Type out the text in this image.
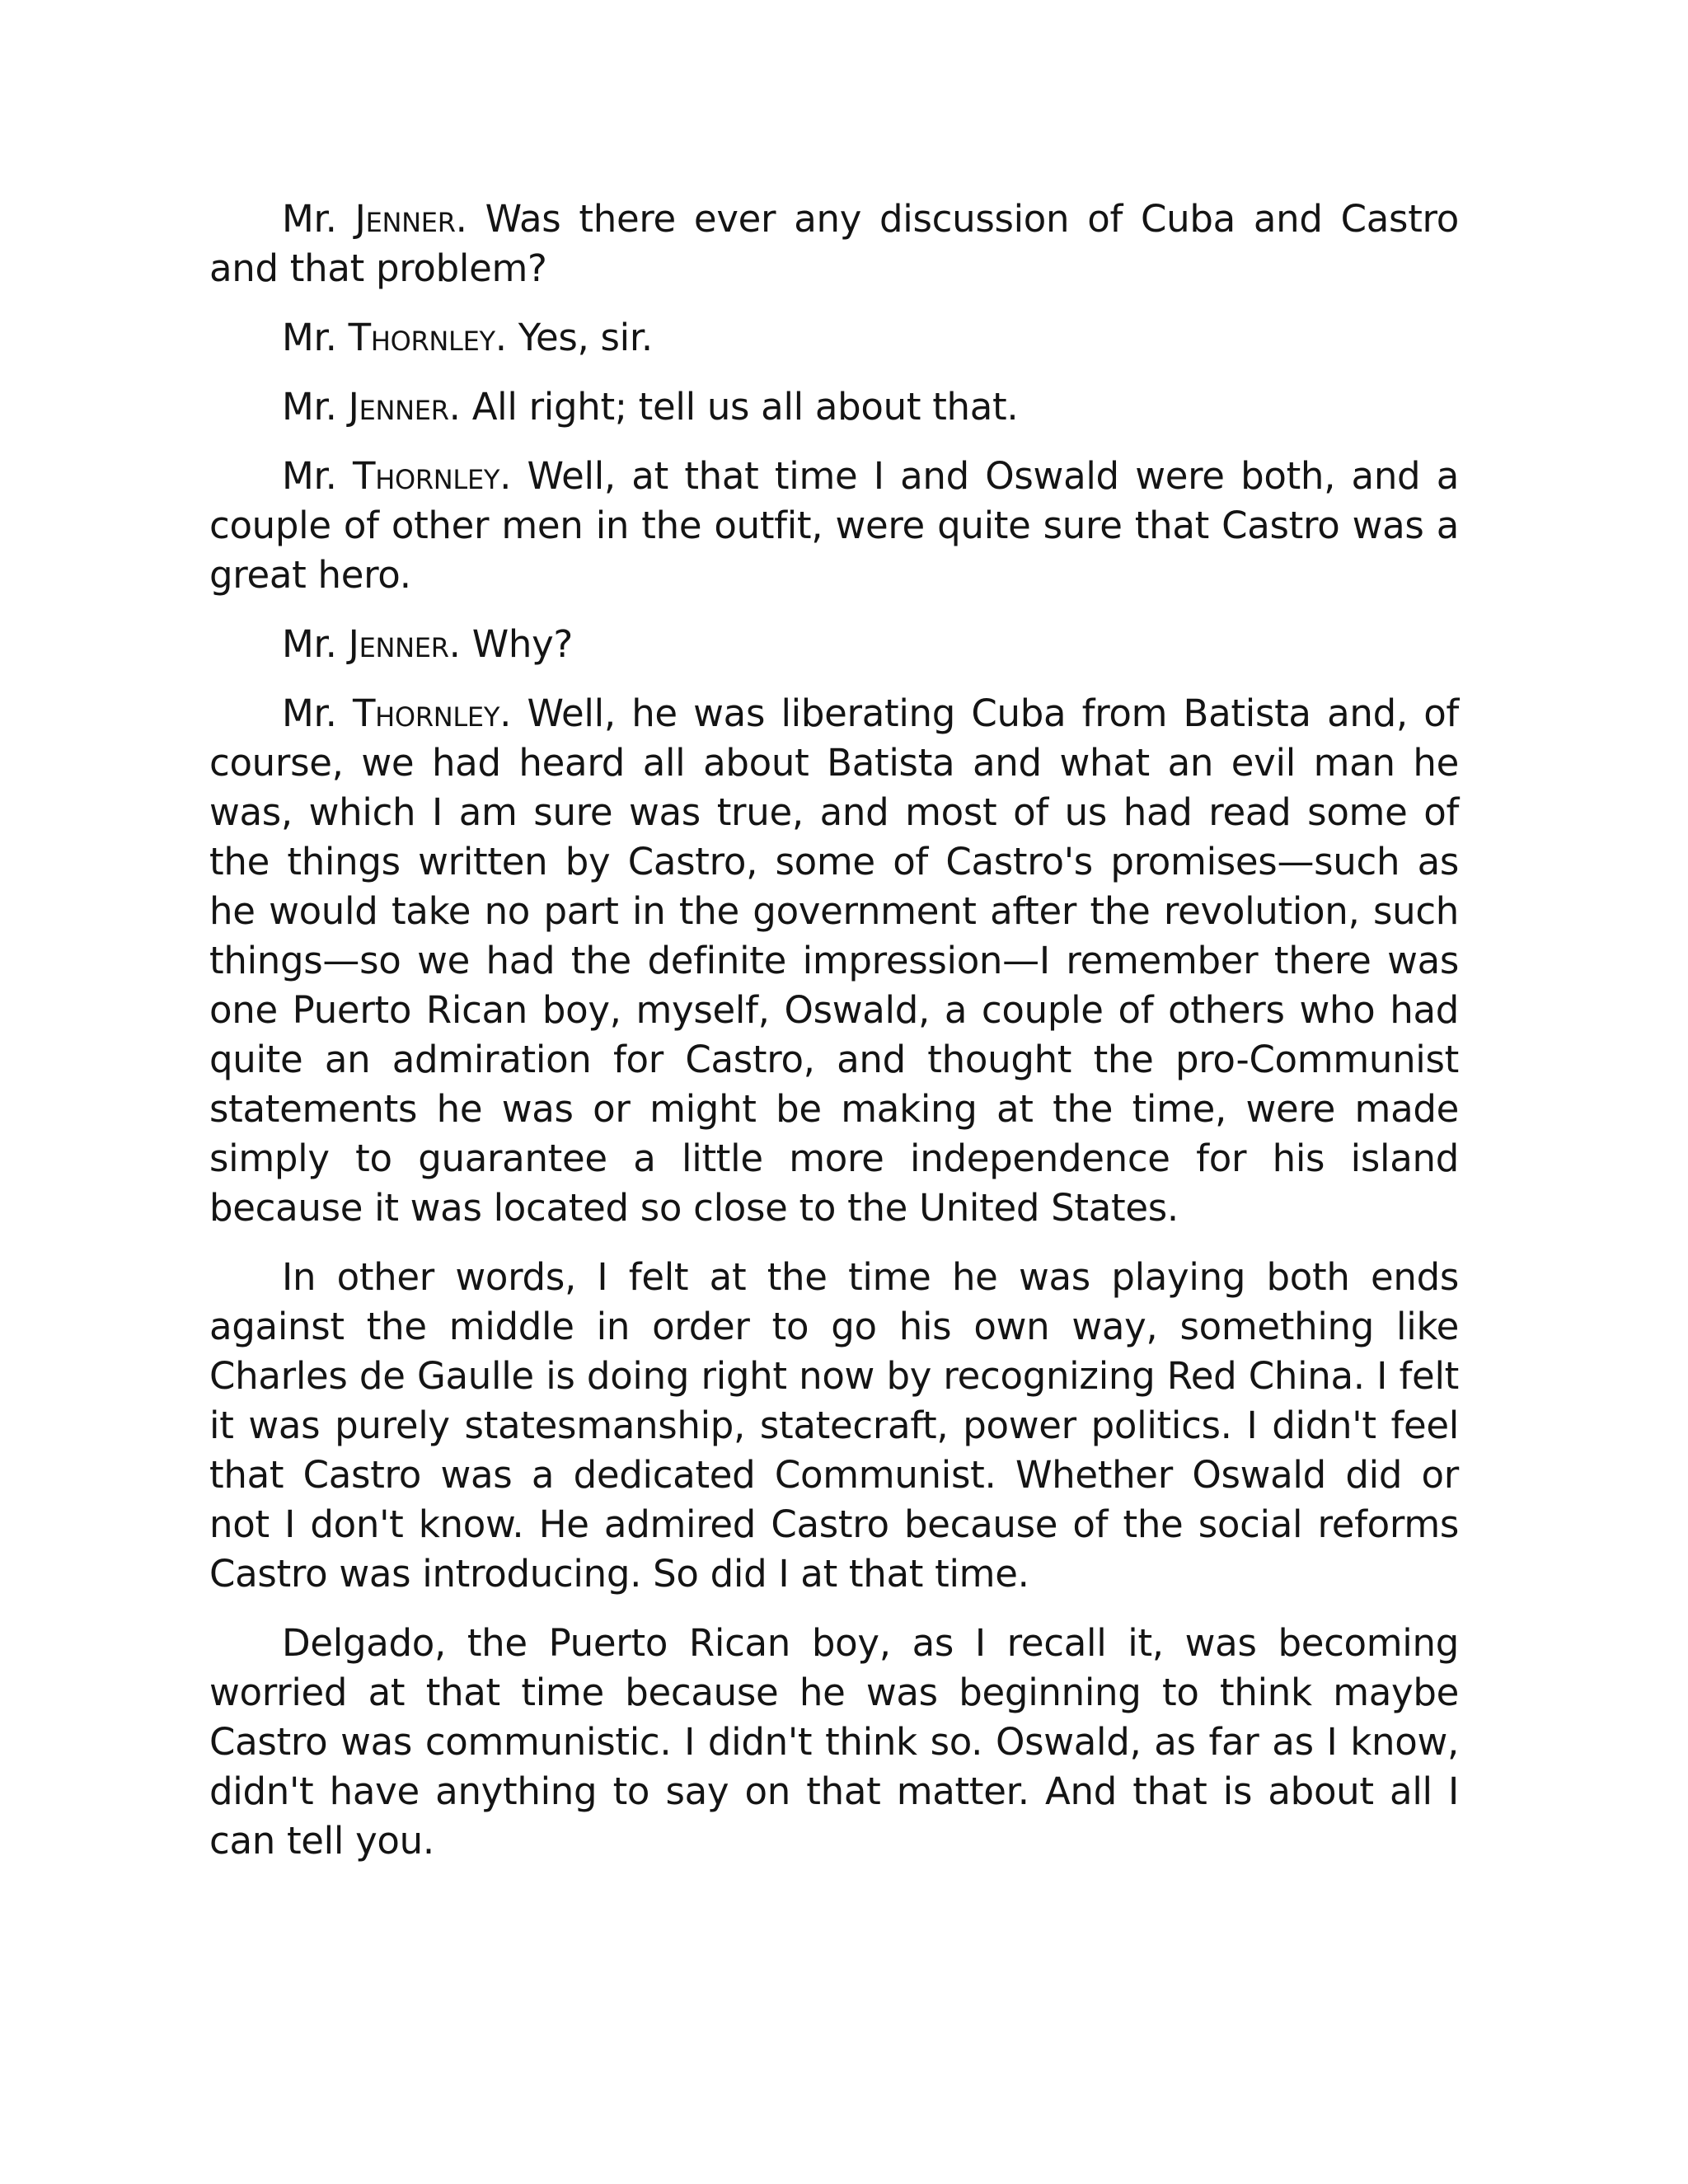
Mr. Jenner. Was there ever any discussion of Cuba and Castro and that problem?

Mr. Thornley. Yes, sir.

Mr. Jenner. All right; tell us all about that.

Mr. Thornley. Well, at that time I and Oswald were both, and a couple of other men in the outfit, were quite sure that Castro was a great hero.

Mr. Jenner. Why?

Mr. Thornley. Well, he was liberating Cuba from Batista and, of course, we had heard all about Batista and what an evil man he was, which I am sure was true, and most of us had read some of the things written by Castro, some of Castro's promises—such as he would take no part in the government after the revolution, such things—so we had the definite impression—I remember there was one Puerto Rican boy, myself, Oswald, a couple of others who had quite an admiration for Castro, and thought the pro-Communist statements he was or might be making at the time, were made simply to guarantee a little more independence for his island because it was located so close to the United States.

In other words, I felt at the time he was playing both ends against the middle in order to go his own way, something like Charles de Gaulle is doing right now by recognizing Red China. I felt it was purely statesmanship, statecraft, power politics. I didn't feel that Castro was a dedicated Communist. Whether Oswald did or not I don't know. He admired Castro because of the social reforms Castro was introducing. So did I at that time.

Delgado, the Puerto Rican boy, as I recall it, was becoming worried at that time because he was beginning to think maybe Castro was communistic. I didn't think so. Oswald, as far as I know, didn't have anything to say on that matter. And that is about all I can tell you.
